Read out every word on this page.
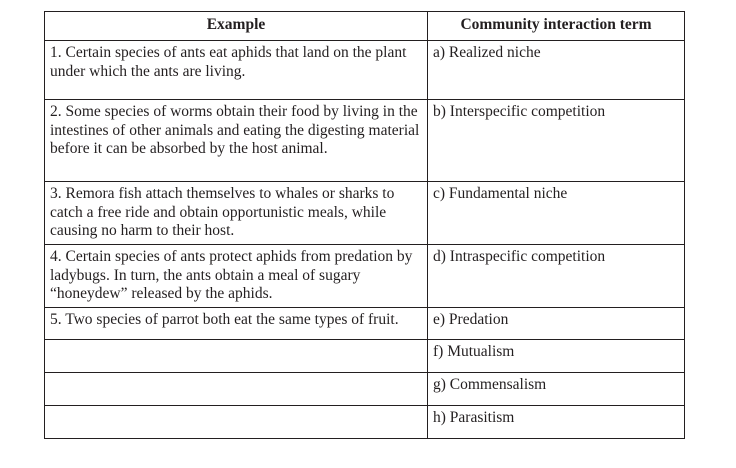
Example	Community interaction term
1. Certain species of ants eat aphids that land on the plant under which the ants are living.	a) Realized niche
2. Some species of worms obtain their food by living in the intestines of other animals and eating the digesting material before it can be absorbed by the host animal.	b) Interspecific competition
3. Remora fish attach themselves to whales or sharks to catch a free ride and obtain opportunistic meals, while causing no harm to their host.	c) Fundamental niche
4. Certain species of ants protect aphids from predation by ladybugs. In turn, the ants obtain a meal of sugary “honeydew” released by the aphids.	d) Intraspecific competition
5. Two species of parrot both eat the same types of fruit.	e) Predation
	f) Mutualism
	g) Commensalism
	h) Parasitism
